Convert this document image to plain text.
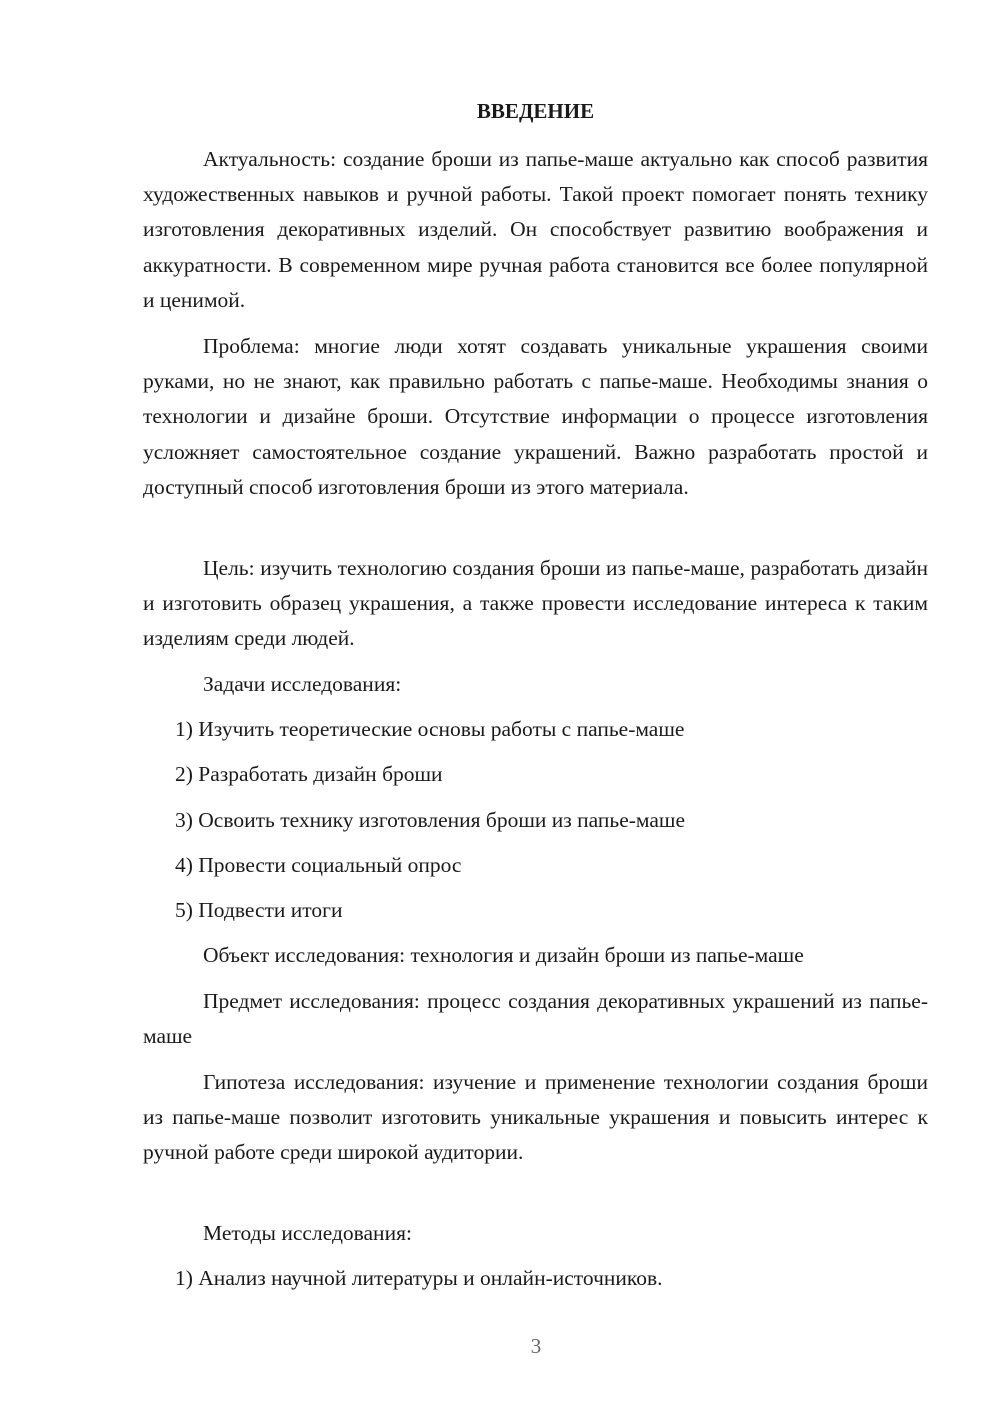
ВВЕДЕНИЕ

Актуальность: создание броши из папье-маше актуально как способ развития художественных навыков и ручной работы. Такой проект помогает понять технику изготовления декоративных изделий. Он способствует развитию воображения и аккуратности. В современном мире ручная работа становится все более популярной и ценимой.

Проблема: многие люди хотят создавать уникальные украшения своими руками, но не знают, как правильно работать с папье-маше. Необходимы знания о технологии и дизайне броши. Отсутствие информации о процессе изготовления усложняет самостоятельное создание украшений. Важно разработать простой и доступный способ изготовления броши из этого материала.

Цель: изучить технологию создания броши из папье-маше, разработать дизайн и изготовить образец украшения, а также провести исследование интереса к таким изделиям среди людей.

Задачи исследования:

1) Изучить теоретические основы работы с папье-маше

2) Разработать дизайн броши

3) Освоить технику изготовления броши из папье-маше

4) Провести социальный опрос

5) Подвести итоги

Объект исследования: технология и дизайн броши из папье-маше

Предмет исследования: процесс создания декоративных украшений из папье-маше

Гипотеза исследования: изучение и применение технологии создания броши из папье-маше позволит изготовить уникальные украшения и повысить интерес к ручной работе среди широкой аудитории.

Методы исследования:

1) Анализ научной литературы и онлайн-источников.

3
